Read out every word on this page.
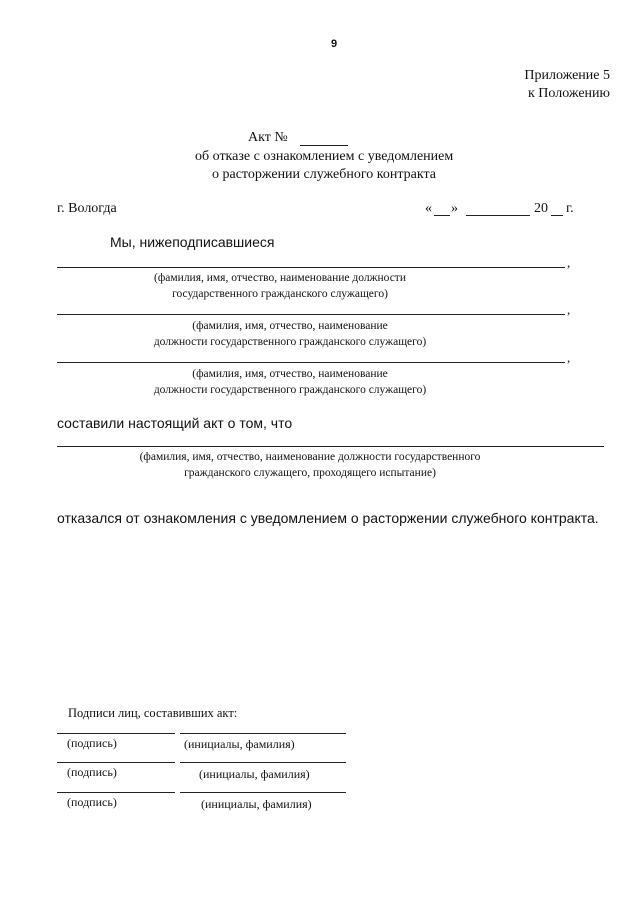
9
Приложение 5
к Положению
Акт №
об отказе с ознакомлением с уведомлением
о расторжении служебного контракта
г. Вологда	« »	20 г.
Мы, нижеподписавшиеся
,
(фамилия, имя, отчество, наименование должности
государственного гражданского служащего)
,
(фамилия, имя, отчество, наименование
должности государственного гражданского служащего)
,
(фамилия, имя, отчество, наименование
должности государственного гражданского служащего)
составили настоящий акт о том, что
(фамилия, имя, отчество, наименование должности государственного
гражданского служащего, проходящего испытание)
отказался от ознакомления с уведомлением о расторжении служебного контракта.
Подписи лиц, составивших акт:
(подпись)	(инициалы, фамилия)
(подпись)	(инициалы, фамилия)
(подпись)	(инициалы, фамилия)
